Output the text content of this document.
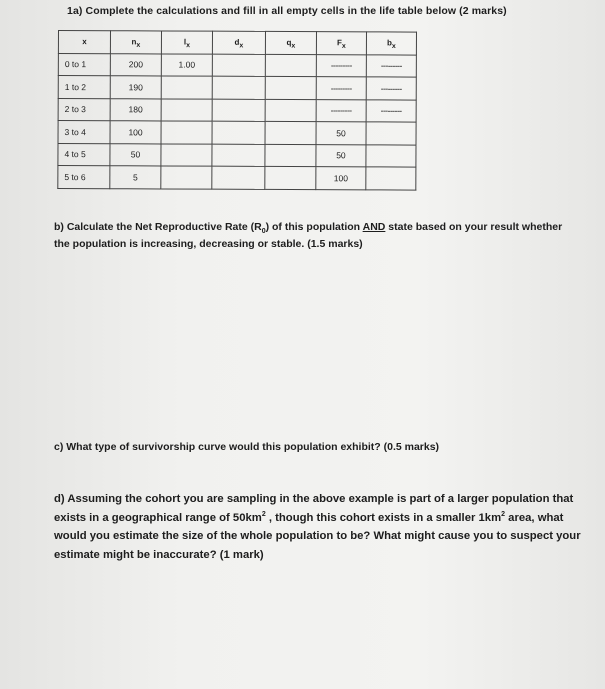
1a) Complete the calculations and fill in all empty cells in the life table below (2 marks)
x	$n_x$	$l_x$	$d_x$	$q_x$	$F_x$	$b_x$
0 to 1	200	1.00			---------	---------
1 to 2	190				---------	---------
2 to 3	180				---------	---------
3 to 4	100				50	
4 to 5	50				50	
5 to 6	5				100	
b) Calculate the Net Reproductive Rate $(R_0)$ of this population AND state based on your result whether the population is increasing, decreasing or stable. (1.5 marks)
c) What type of survivorship curve would this population exhibit? (0.5 marks)
d) Assuming the cohort you are sampling in the above example is part of a larger population that exists in a geographical range of $50km^2$ , though this cohort exists in a smaller $1km^2$ area, what would you estimate the size of the whole population to be? What might cause you to suspect your estimate might be inaccurate? (1 mark)
